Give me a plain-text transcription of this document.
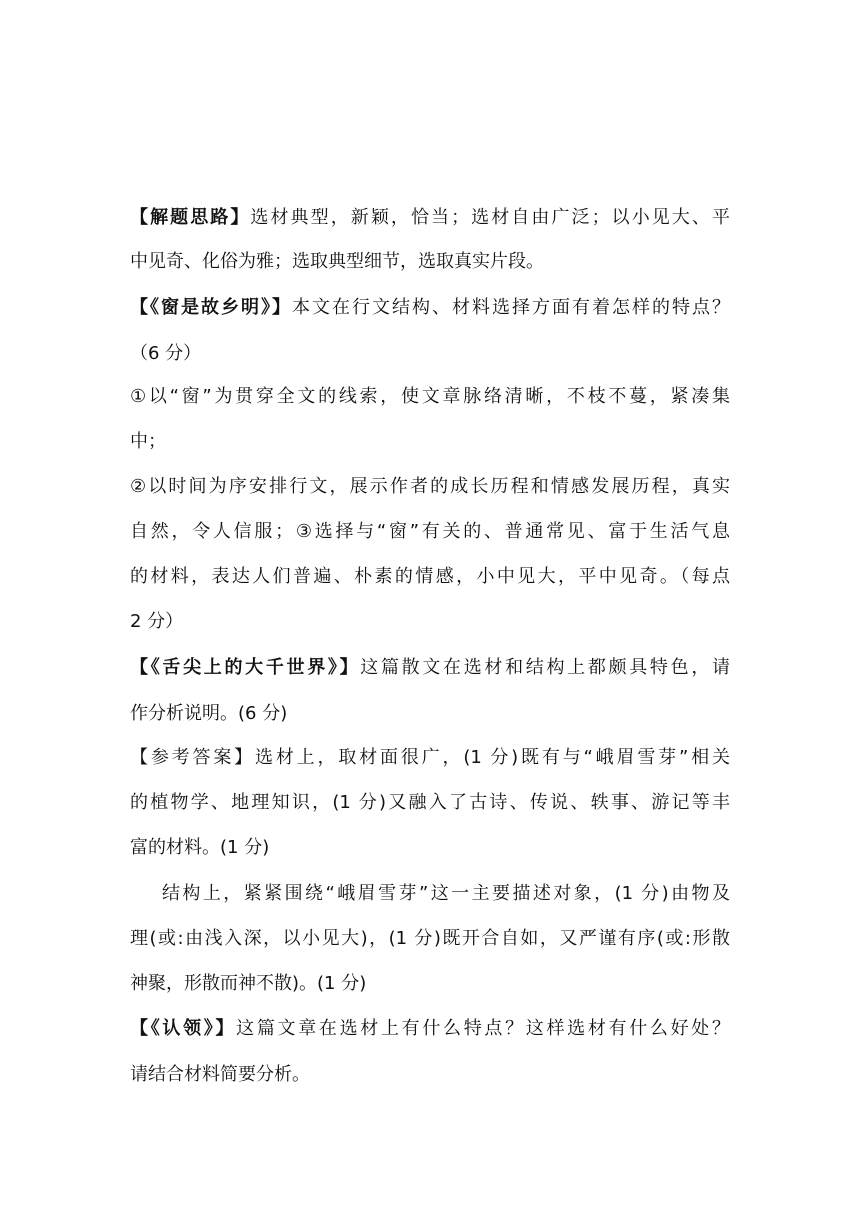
【解题思路】选材典型，新颖，恰当；选材自由广泛；以小见大、平
中见奇、化俗为雅；选取典型细节，选取真实片段。
【《窗是故乡明》】本文在行文结构、材料选择方面有着怎样的特点？
（6 分）
①以“窗”为贯穿全文的线索，使文章脉络清晰，不枝不蔓，紧凑集
中；
②以时间为序安排行文，展示作者的成长历程和情感发展历程，真实
自然，令人信服；③选择与“窗”有关的、普通常见、富于生活气息
的材料，表达人们普遍、朴素的情感，小中见大，平中见奇。（每点
2 分）
【《舌尖上的大千世界》】这篇散文在选材和结构上都颇具特色，请
作分析说明。(6 分)
【参考答案】选材上，取材面很广，(1 分)既有与“峨眉雪芽”相关
的植物学、地理知识，(1 分)又融入了古诗、传说、轶事、游记等丰
富的材料。(1 分)
结构上，紧紧围绕“峨眉雪芽”这一主要描述对象，(1 分)由物及
理(或:由浅入深，以小见大)，(1 分)既开合自如，又严谨有序(或:形散
神聚，形散而神不散)。(1 分)
【《认领》】这篇文章在选材上有什么特点？这样选材有什么好处？
请结合材料简要分析。
